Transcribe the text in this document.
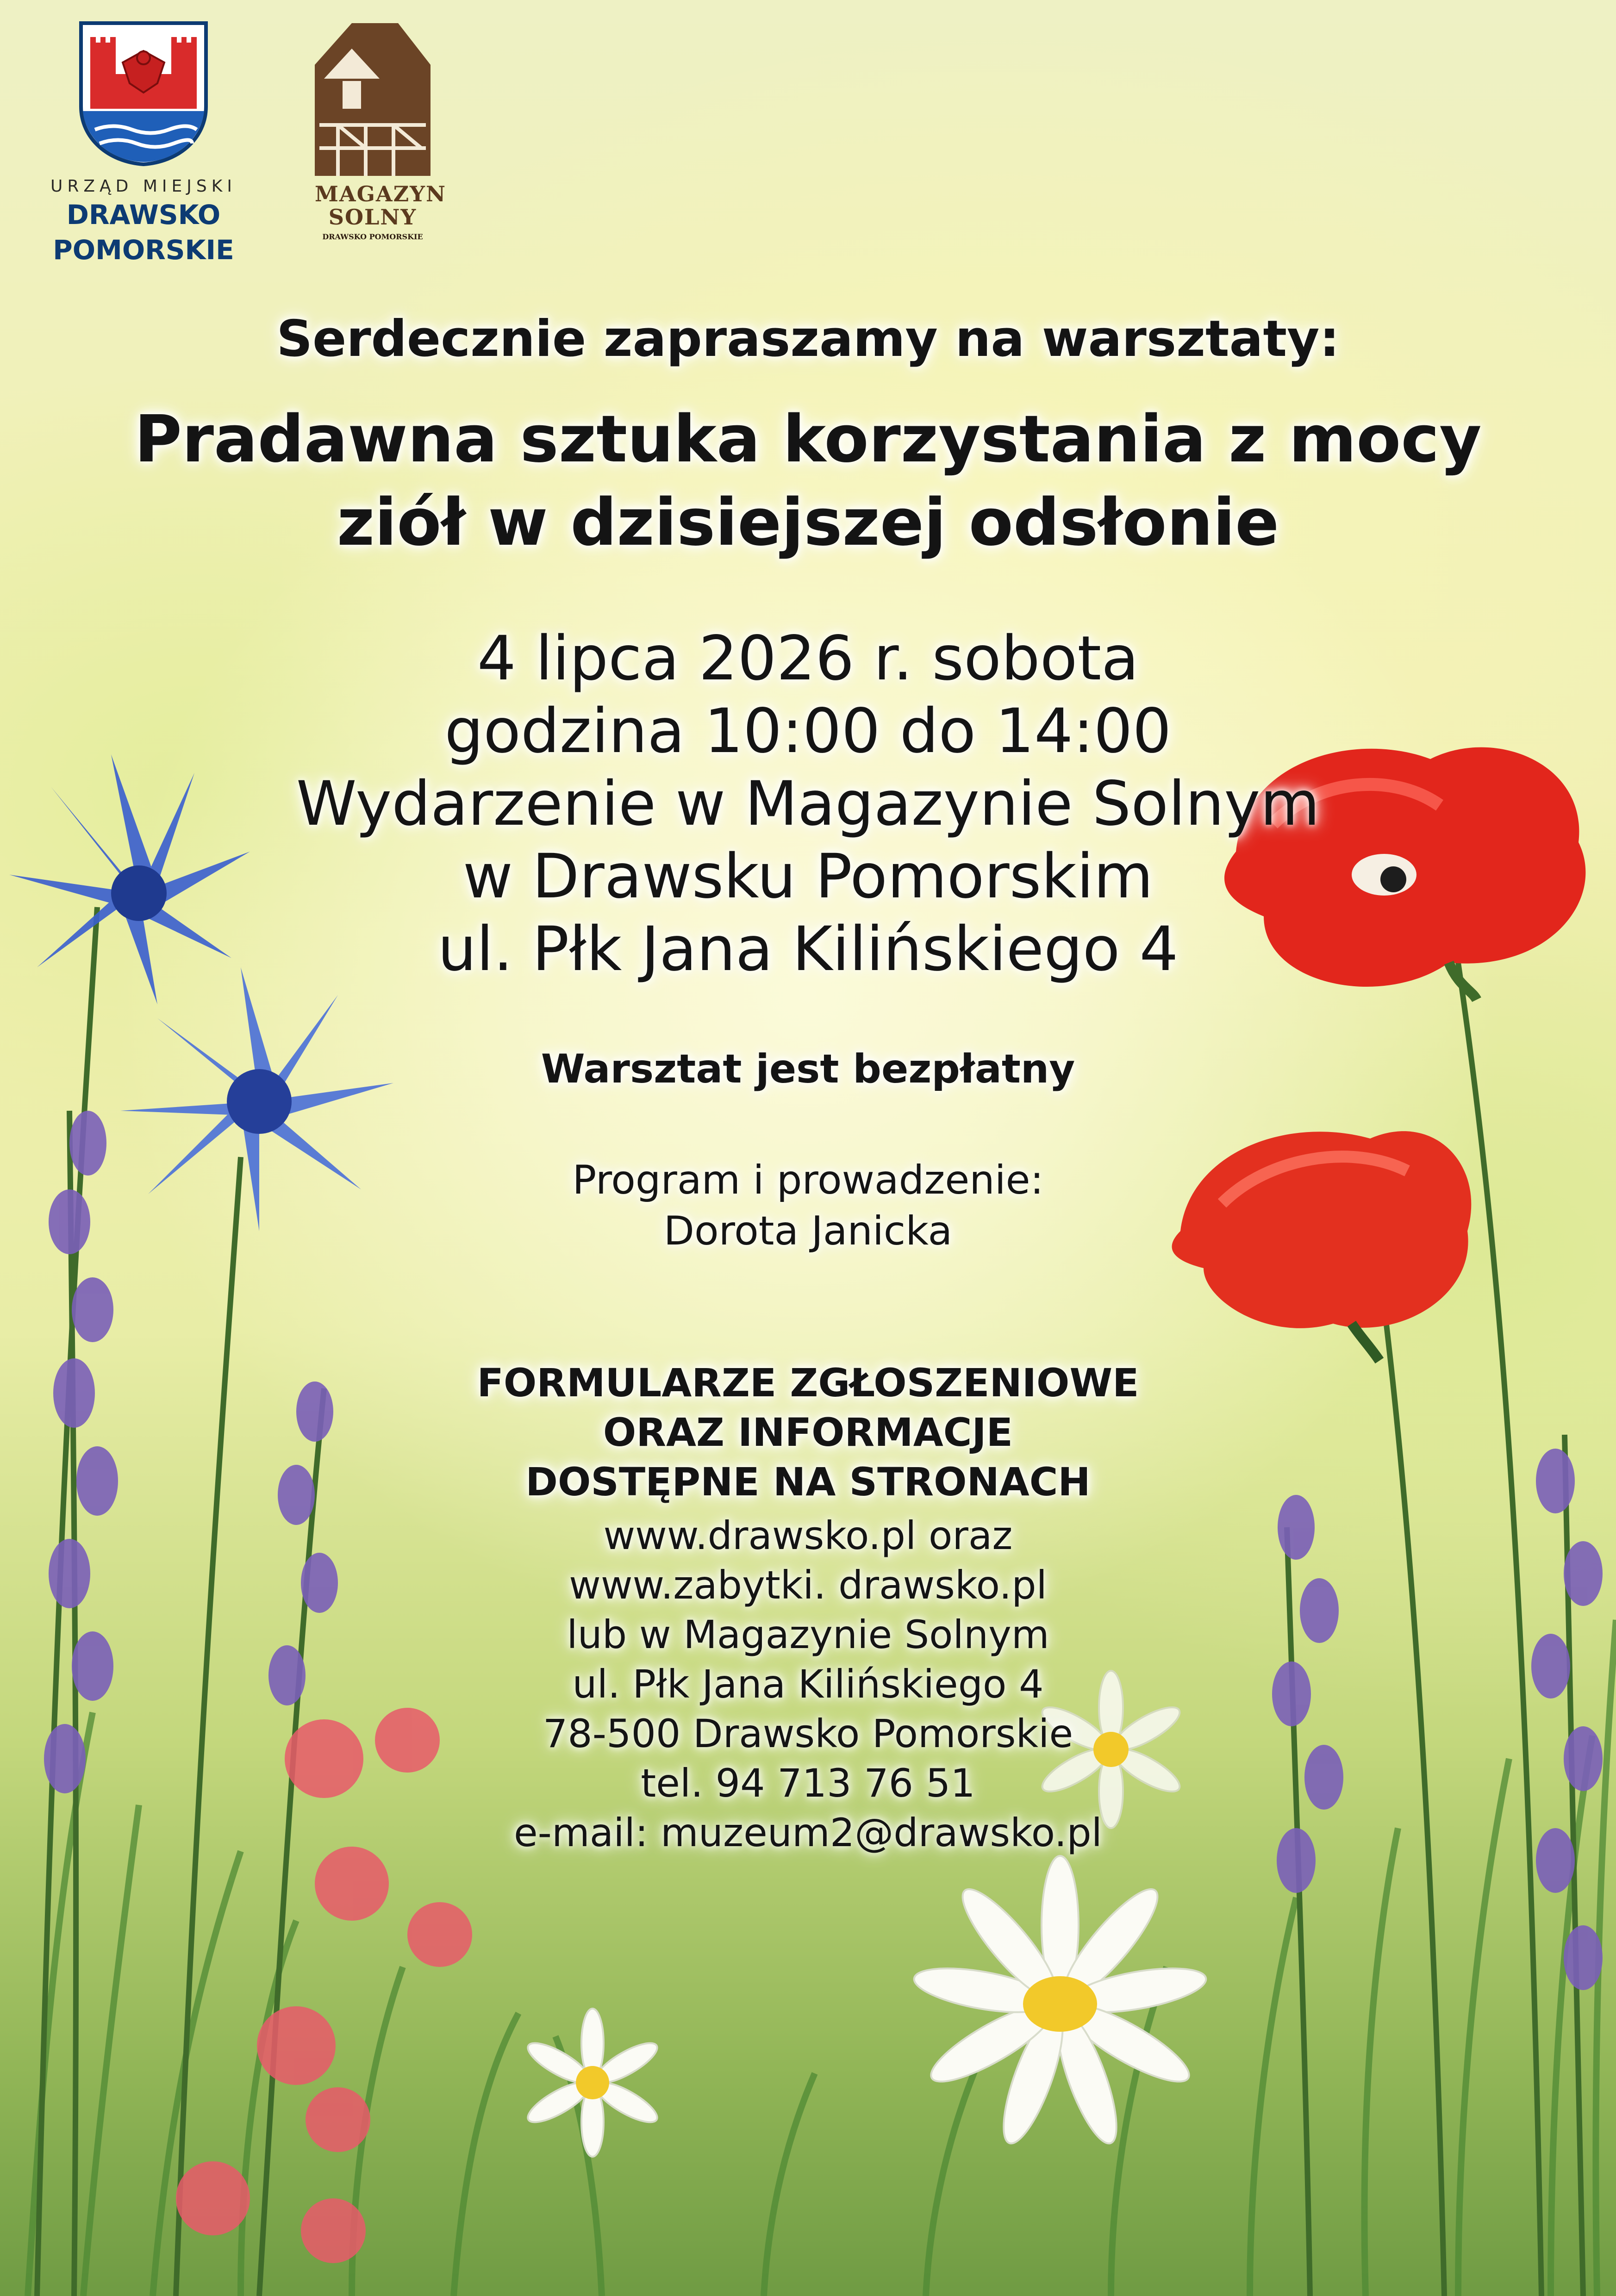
URZĄD MIEJSKI
DRAWSKO
POMORSKIE
MAGAZYN
SOLNY
DRAWSKO POMORSKIE
Serdecznie zapraszamy na warsztaty:
Pradawna sztuka korzystania z mocy
ziół w dzisiejszej odsłonie
4 lipca 2026 r. sobota
godzina 10:00 do 14:00
Wydarzenie w Magazynie Solnym
w Drawsku Pomorskim
ul. Płk Jana Kilińskiego 4
Warsztat jest bezpłatny
Program i prowadzenie:
Dorota Janicka
FORMULARZE ZGŁOSZENIOWE
ORAZ INFORMACJE
DOSTĘPNE NA STRONACH
www.drawsko.pl oraz
www.zabytki. drawsko.pl
lub w Magazynie Solnym
ul. Płk Jana Kilińskiego 4
78-500 Drawsko Pomorskie
tel. 94 713 76 51
e-mail: muzeum2@drawsko.pl
